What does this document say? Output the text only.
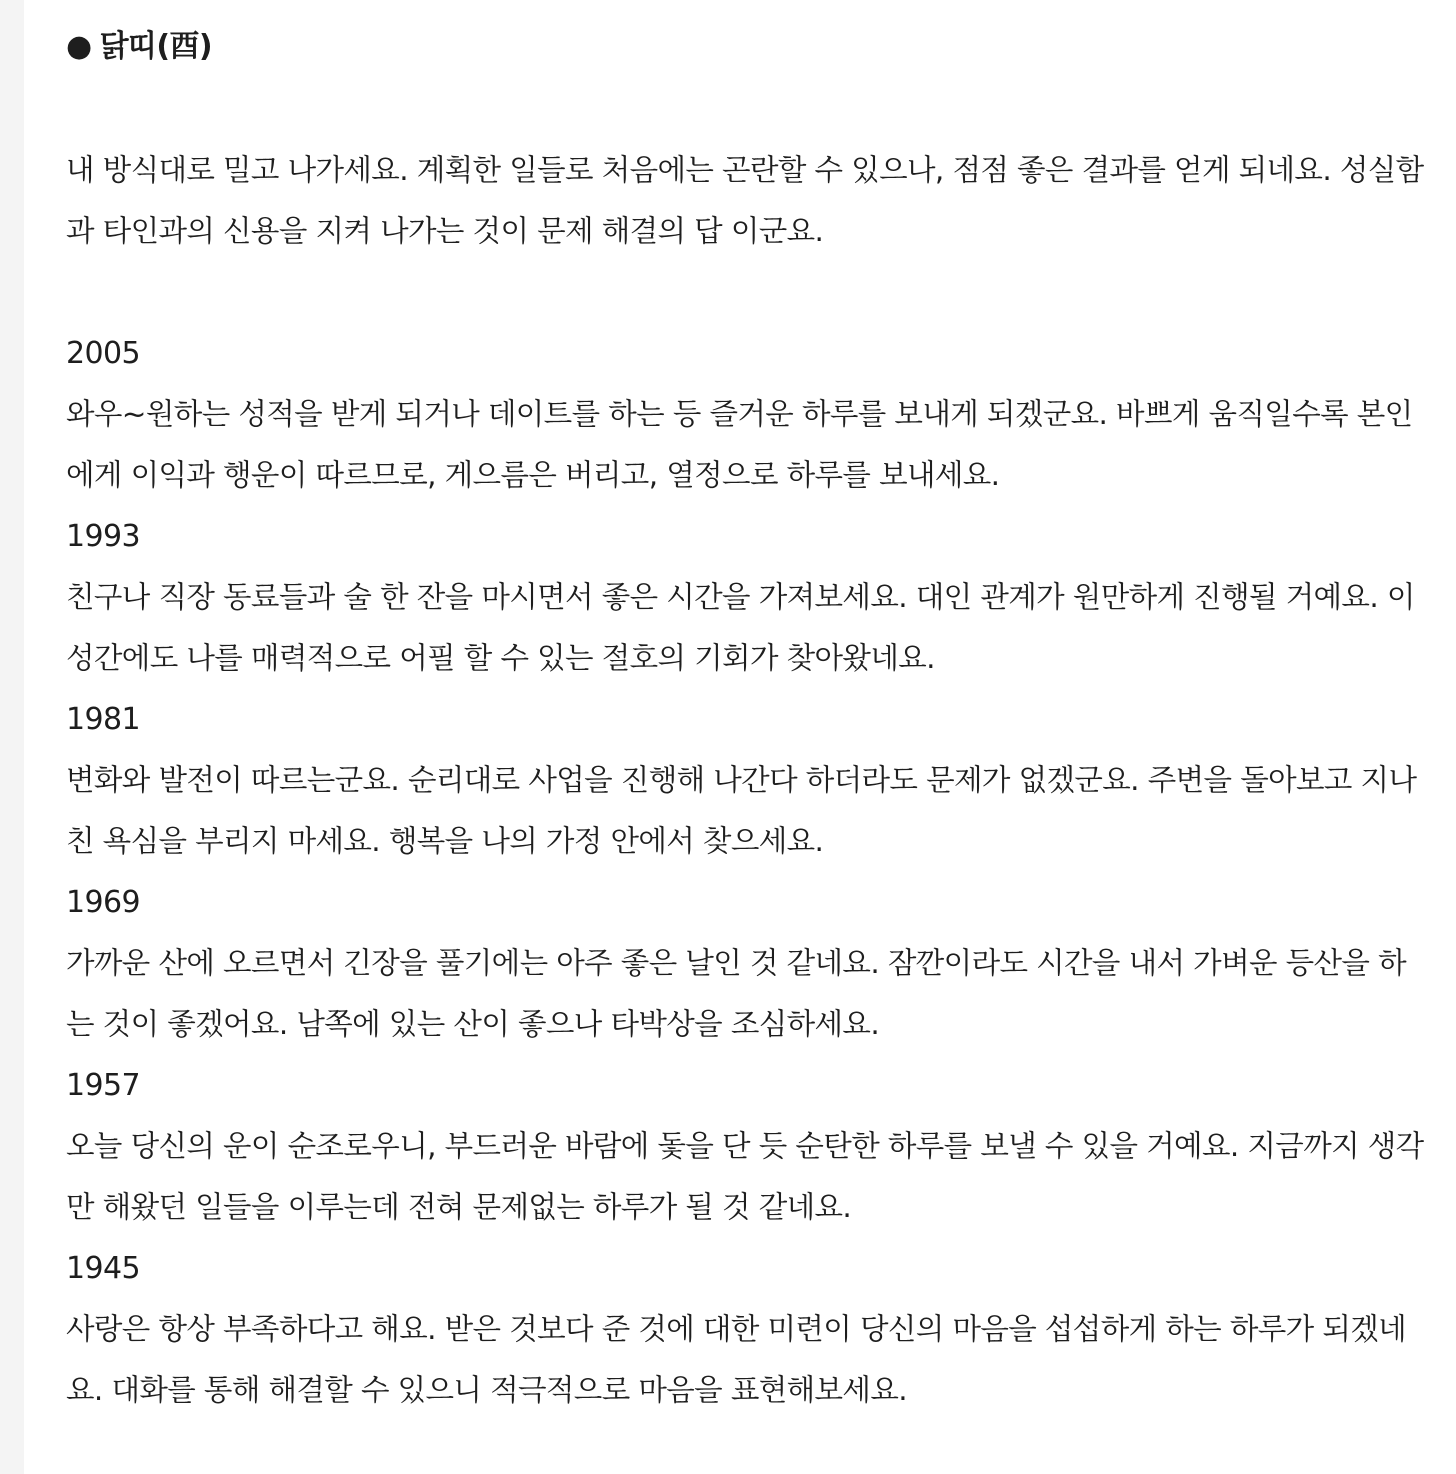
● 닭띠(酉)

내 방식대로 밀고 나가세요. 계획한 일들로 처음에는 곤란할 수 있으나, 점점 좋은 결과를 얻게 되네요. 성실함과 타인과의 신용을 지켜 나가는 것이 문제 해결의 답 이군요.

2005

와우~원하는 성적을 받게 되거나 데이트를 하는 등 즐거운 하루를 보내게 되겠군요. 바쁘게 움직일수록 본인에게 이익과 행운이 따르므로, 게으름은 버리고, 열정으로 하루를 보내세요.

1993

친구나 직장 동료들과 술 한 잔을 마시면서 좋은 시간을 가져보세요. 대인 관계가 원만하게 진행될 거예요. 이성간에도 나를 매력적으로 어필 할 수 있는 절호의 기회가 찾아왔네요.

1981

변화와 발전이 따르는군요. 순리대로 사업을 진행해 나간다 하더라도 문제가 없겠군요. 주변을 돌아보고 지나친 욕심을 부리지 마세요. 행복을 나의 가정 안에서 찾으세요.

1969

가까운 산에 오르면서 긴장을 풀기에는 아주 좋은 날인 것 같네요. 잠깐이라도 시간을 내서 가벼운 등산을 하는 것이 좋겠어요. 남쪽에 있는 산이 좋으나 타박상을 조심하세요.

1957

오늘 당신의 운이 순조로우니, 부드러운 바람에 돛을 단 듯 순탄한 하루를 보낼 수 있을 거예요. 지금까지 생각만 해왔던 일들을 이루는데 전혀 문제없는 하루가 될 것 같네요.

1945

사랑은 항상 부족하다고 해요. 받은 것보다 준 것에 대한 미련이 당신의 마음을 섭섭하게 하는 하루가 되겠네요. 대화를 통해 해결할 수 있으니 적극적으로 마음을 표현해보세요.
